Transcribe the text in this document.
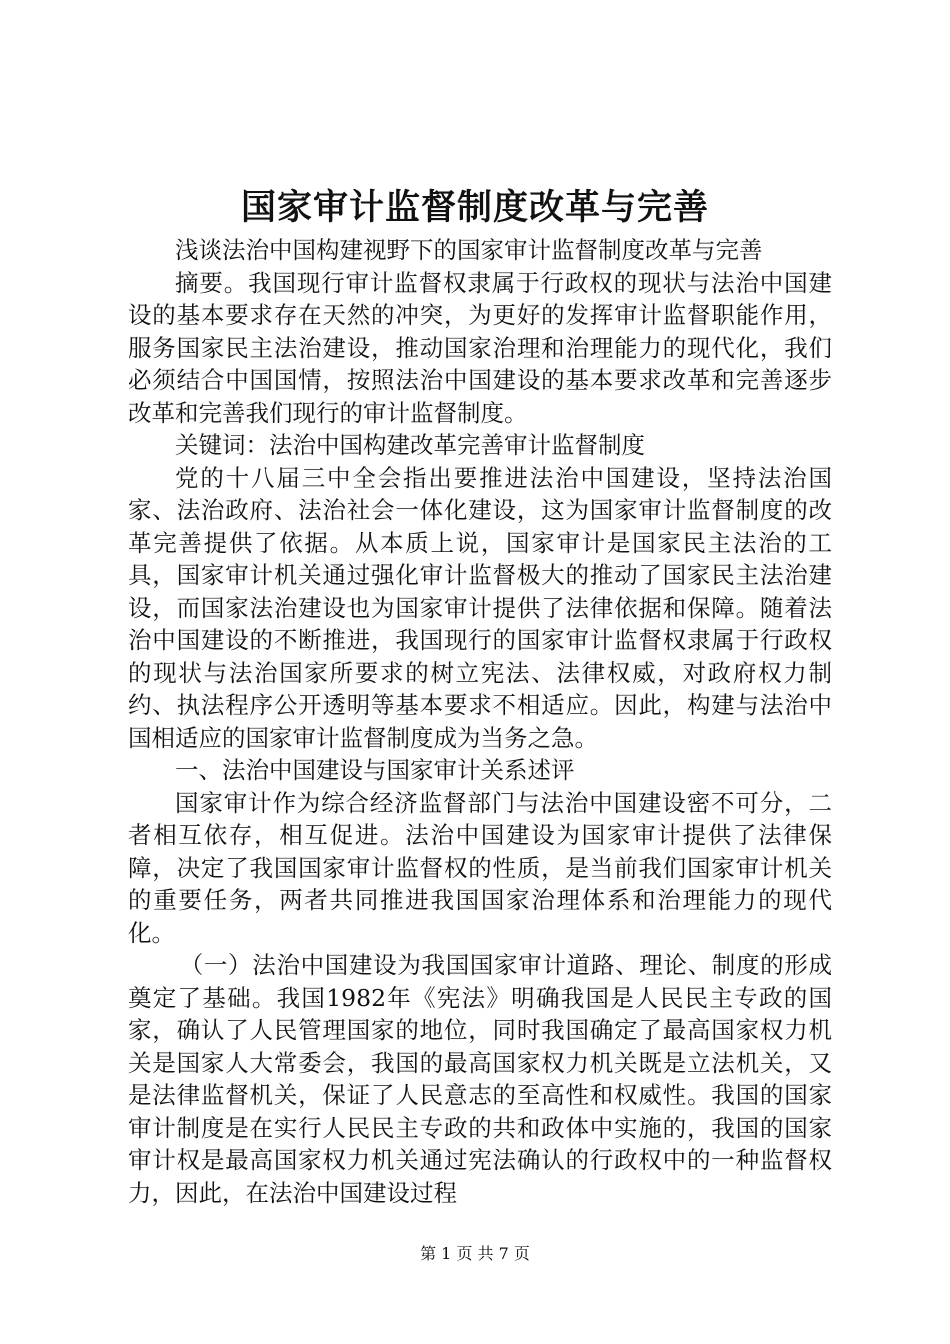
国家审计监督制度改革与完善

浅谈法治中国构建视野下的国家审计监督制度改革与完善

摘要。我国现行审计监督权隶属于行政权的现状与法治中国建设的基本要求存在天然的冲突，为更好的发挥审计监督职能作用，服务国家民主法治建设，推动国家治理和治理能力的现代化，我们必须结合中国国情，按照法治中国建设的基本要求改革和完善逐步改革和完善我们现行的审计监督制度。

关键词：法治中国构建改革完善审计监督制度

党的十八届三中全会指出要推进法治中国建设，坚持法治国家、法治政府、法治社会一体化建设，这为国家审计监督制度的改革完善提供了依据。从本质上说，国家审计是国家民主法治的工具，国家审计机关通过强化审计监督极大的推动了国家民主法治建设，而国家法治建设也为国家审计提供了法律依据和保障。随着法治中国建设的不断推进，我国现行的国家审计监督权隶属于行政权的现状与法治国家所要求的树立宪法、法律权威，对政府权力制约、执法程序公开透明等基本要求不相适应。因此，构建与法治中国相适应的国家审计监督制度成为当务之急。

一、法治中国建设与国家审计关系述评

国家审计作为综合经济监督部门与法治中国建设密不可分，二者相互依存，相互促进。法治中国建设为国家审计提供了法律保障，决定了我国国家审计监督权的性质，是当前我们国家审计机关的重要任务，两者共同推进我国国家治理体系和治理能力的现代化。

（一）法治中国建设为我国国家审计道路、理论、制度的形成奠定了基础。我国1982年《宪法》明确我国是人民民主专政的国家，确认了人民管理国家的地位，同时我国确定了最高国家权力机关是国家人大常委会，我国的最高国家权力机关既是立法机关，又是法律监督机关，保证了人民意志的至高性和权威性。我国的国家审计制度是在实行人民民主专政的共和政体中实施的，我国的国家审计权是最高国家权力机关通过宪法确认的行政权中的一种监督权力，因此，在法治中国建设过程

第 1 页 共 7 页
